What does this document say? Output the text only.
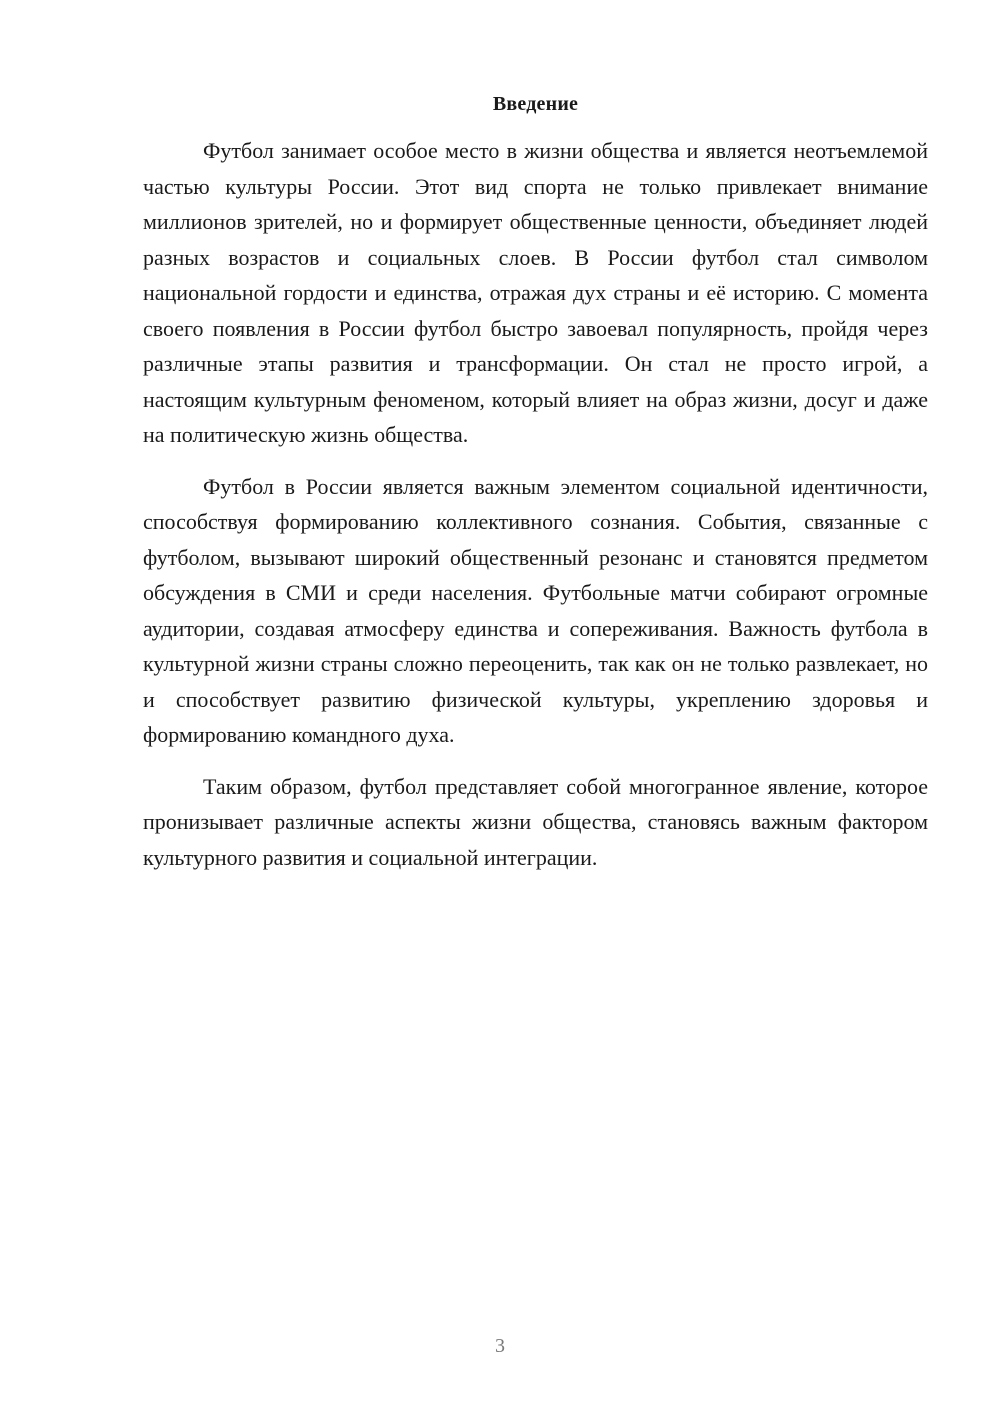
Введение

Футбол занимает особое место в жизни общества и является неотъемлемой частью культуры России. Этот вид спорта не только привлекает внимание миллионов зрителей, но и формирует общественные ценности, объединяет людей разных возрастов и социальных слоев. В России футбол стал символом национальной гордости и единства, отражая дух страны и её историю. С момента своего появления в России футбол быстро завоевал популярность, пройдя через различные этапы развития и трансформации. Он стал не просто игрой, а настоящим культурным феноменом, который влияет на образ жизни, досуг и даже на политическую жизнь общества.

Футбол в России является важным элементом социальной идентичности, способствуя формированию коллективного сознания. События, связанные с футболом, вызывают широкий общественный резонанс и становятся предметом обсуждения в СМИ и среди населения. Футбольные матчи собирают огромные аудитории, создавая атмосферу единства и сопереживания. Важность футбола в культурной жизни страны сложно переоценить, так как он не только развлекает, но и способствует развитию физической культуры, укреплению здоровья и формированию командного духа.

Таким образом, футбол представляет собой многогранное явление, которое пронизывает различные аспекты жизни общества, становясь важным фактором культурного развития и социальной интеграции.

3
